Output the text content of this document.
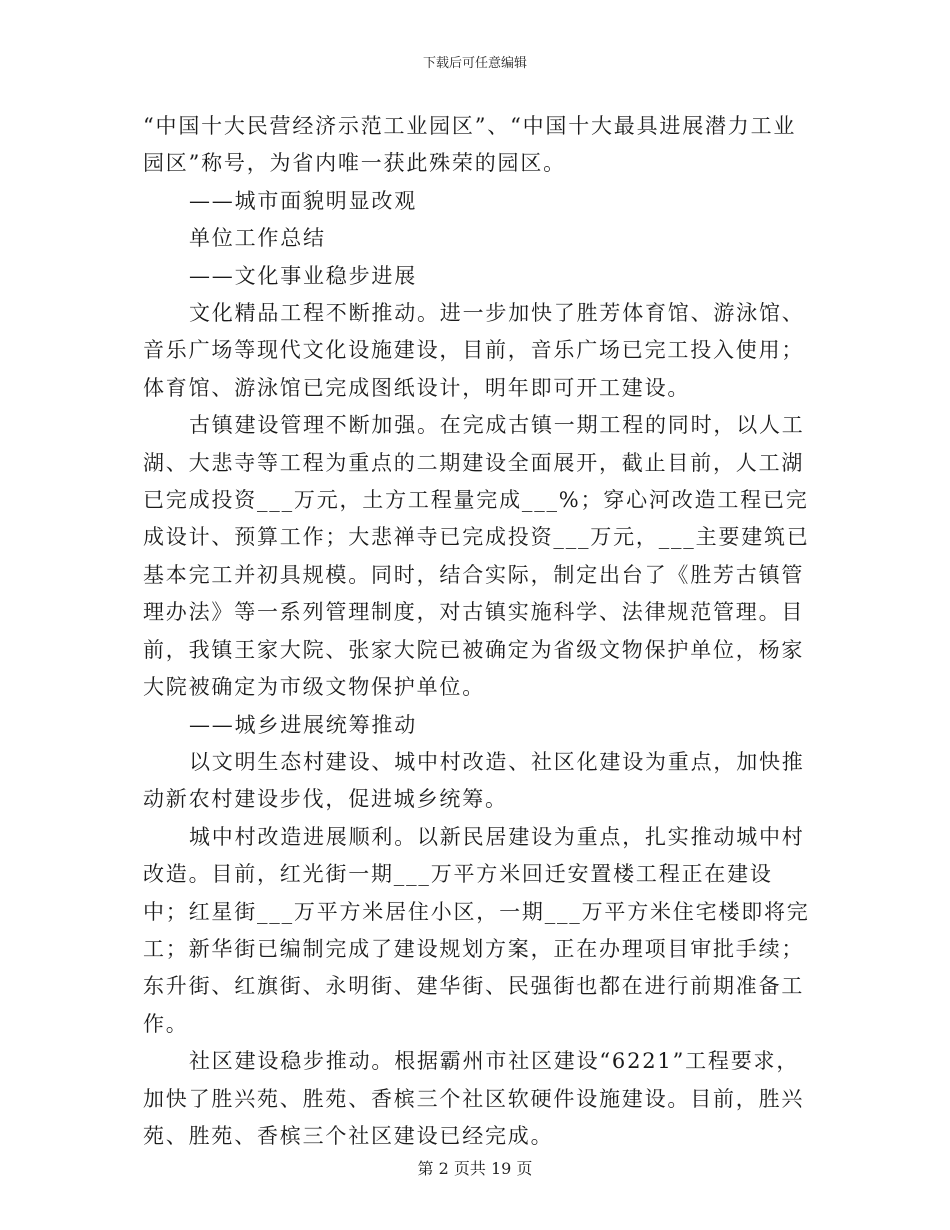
下载后可任意编辑

“中国十大民营经济示范工业园区”、“中国十大最具进展潜力工业园区”称号，为省内唯一获此殊荣的园区。

——城市面貌明显改观

单位工作总结

——文化事业稳步进展

文化精品工程不断推动。进一步加快了胜芳体育馆、游泳馆、音乐广场等现代文化设施建设，目前，音乐广场已完工投入使用；体育馆、游泳馆已完成图纸设计，明年即可开工建设。

古镇建设管理不断加强。在完成古镇一期工程的同时，以人工湖、大悲寺等工程为重点的二期建设全面展开，截止目前，人工湖已完成投资___万元，土方工程量完成___%；穿心河改造工程已完成设计、预算工作；大悲禅寺已完成投资___万元，___主要建筑已基本完工并初具规模。同时，结合实际，制定出台了《胜芳古镇管理办法》等一系列管理制度，对古镇实施科学、法律规范管理。目前，我镇王家大院、张家大院已被确定为省级文物保护单位，杨家大院被确定为市级文物保护单位。

——城乡进展统筹推动

以文明生态村建设、城中村改造、社区化建设为重点，加快推动新农村建设步伐，促进城乡统筹。

城中村改造进展顺利。以新民居建设为重点，扎实推动城中村改造。目前，红光街一期___万平方米回迁安置楼工程正在建设中；红星街___万平方米居住小区，一期___万平方米住宅楼即将完工；新华街已编制完成了建设规划方案，正在办理项目审批手续；东升街、红旗街、永明街、建华街、民强街也都在进行前期准备工作。

社区建设稳步推动。根据霸州市社区建设“6221”工程要求，加快了胜兴苑、胜苑、香槟三个社区软硬件设施建设。目前，胜兴苑、胜苑、香槟三个社区建设已经完成。

第 2 页共 19 页
